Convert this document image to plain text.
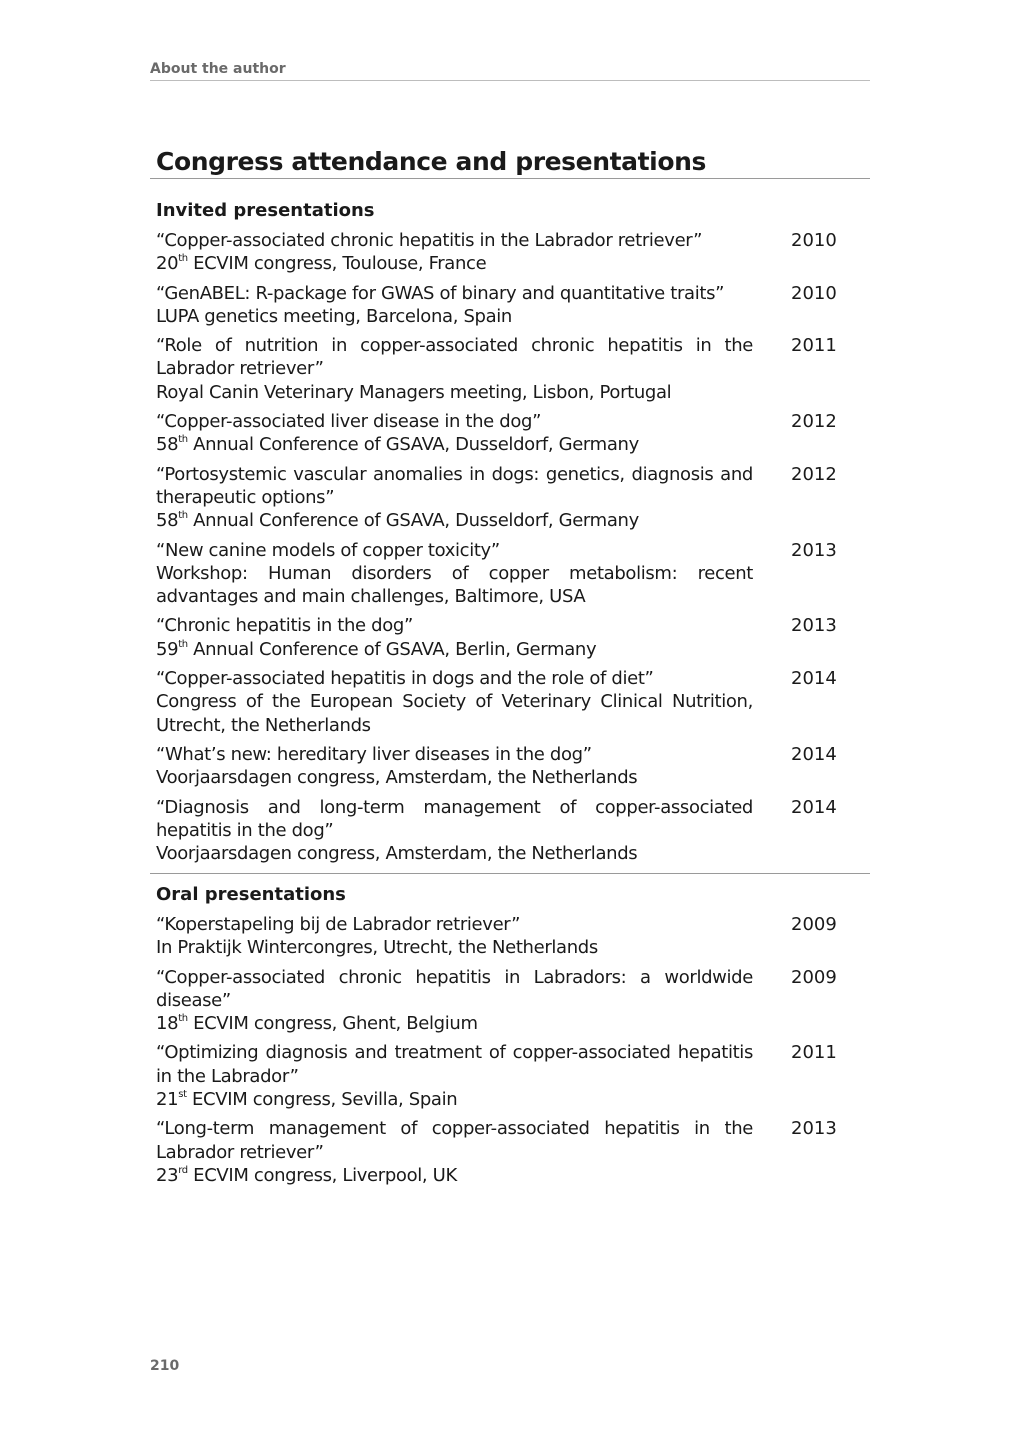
About the author
Congress attendance and presentations
Invited presentations
“Copper-associated chronic hepatitis in the Labrador retriever”
20th ECVIM congress, Toulouse, France
2010
“GenABEL: R-package for GWAS of binary and quantitative traits”
LUPA genetics meeting, Barcelona, Spain
2010
“Role of nutrition in copper-associated chronic hepatitis in the Labrador retriever”
Royal Canin Veterinary Managers meeting, Lisbon, Portugal
2011
“Copper-associated liver disease in the dog”
58th Annual Conference of GSAVA, Dusseldorf, Germany
2012
“Portosystemic vascular anomalies in dogs: genetics, diagnosis and therapeutic options”
58th Annual Conference of GSAVA, Dusseldorf, Germany
2012
“New canine models of copper toxicity”
Workshop: Human disorders of copper metabolism: recent advantages and main challenges, Baltimore, USA
2013
“Chronic hepatitis in the dog”
59th Annual Conference of GSAVA, Berlin, Germany
2013
“Copper-associated hepatitis in dogs and the role of diet”
Congress of the European Society of Veterinary Clinical Nutrition, Utrecht, the Netherlands
2014
“What’s new: hereditary liver diseases in the dog”
Voorjaarsdagen congress, Amsterdam, the Netherlands
2014
“Diagnosis and long-term management of copper-associated hepatitis in the dog”
Voorjaarsdagen congress, Amsterdam, the Netherlands
2014
Oral presentations
“Koperstapeling bij de Labrador retriever”
In Praktijk Wintercongres, Utrecht, the Netherlands
2009
“Copper-associated chronic hepatitis in Labradors: a worldwide disease”
18th ECVIM congress, Ghent, Belgium
2009
“Optimizing diagnosis and treatment of copper-associated hepatitis in the Labrador”
21st ECVIM congress, Sevilla, Spain
2011
“Long-term management of copper-associated hepatitis in the Labrador retriever”
23rd ECVIM congress, Liverpool, UK
2013
210
